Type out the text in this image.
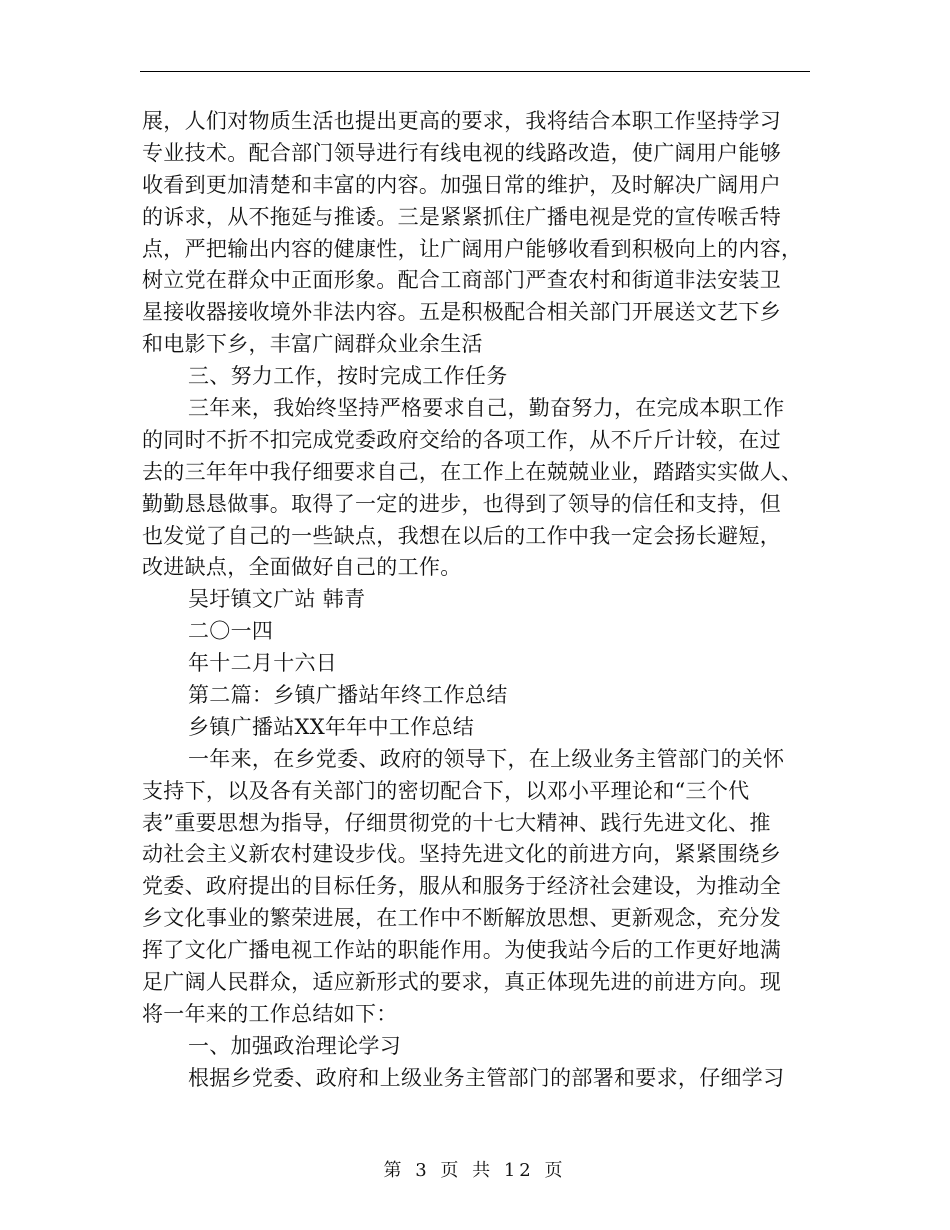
展，人们对物质生活也提出更高的要求，我将结合本职工作坚持学习
专业技术。配合部门领导进行有线电视的线路改造，使广阔用户能够
收看到更加清楚和丰富的内容。加强日常的维护，及时解决广阔用户
的诉求，从不拖延与推诿。三是紧紧抓住广播电视是党的宣传喉舌特
点，严把输出内容的健康性，让广阔用户能够收看到积极向上的内容，
树立党在群众中正面形象。配合工商部门严查农村和街道非法安装卫
星接收器接收境外非法内容。五是积极配合相关部门开展送文艺下乡
和电影下乡，丰富广阔群众业余生活
三、努力工作，按时完成工作任务
三年来，我始终坚持严格要求自己，勤奋努力，在完成本职工作
的同时不折不扣完成党委政府交给的各项工作，从不斤斤计较，在过
去的三年年中我仔细要求自己，在工作上在兢兢业业，踏踏实实做人、
勤勤恳恳做事。取得了一定的进步，也得到了领导的信任和支持，但
也发觉了自己的一些缺点，我想在以后的工作中我一定会扬长避短，
改进缺点，全面做好自己的工作。
吴圩镇文广站 韩青
二〇一四
年十二月十六日
第二篇：乡镇广播站年终工作总结
乡镇广播站XX年年中工作总结
一年来，在乡党委、政府的领导下，在上级业务主管部门的关怀
支持下，以及各有关部门的密切配合下，以邓小平理论和“三个代
表”重要思想为指导，仔细贯彻党的十七大精神、践行先进文化、推
动社会主义新农村建设步伐。坚持先进文化的前进方向，紧紧围绕乡
党委、政府提出的目标任务，服从和服务于经济社会建设，为推动全
乡文化事业的繁荣进展，在工作中不断解放思想、更新观念，充分发
挥了文化广播电视工作站的职能作用。为使我站今后的工作更好地满
足广阔人民群众，适应新形式的要求，真正体现先进的前进方向。现
将一年来的工作总结如下：
一、加强政治理论学习
根据乡党委、政府和上级业务主管部门的部署和要求，仔细学习
第 3 页 共 12 页
